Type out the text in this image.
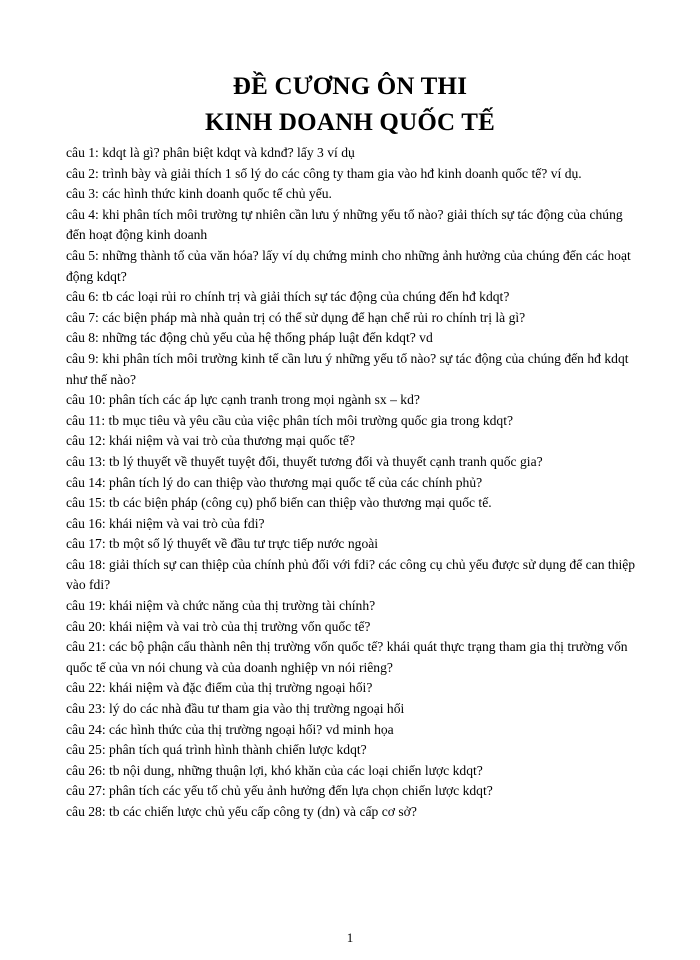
ĐỀ CƯƠNG ÔN THI
KINH DOANH QUỐC TẾ
câu 1: kdqt là gì? phân biệt kdqt và kdnđ? lấy 3 ví dụ
câu 2: trình bày và giải thích 1 số lý do các công ty tham gia vào hđ kinh doanh quốc tế? ví dụ.
câu 3: các hình thức kinh doanh quốc tế chủ yếu.
câu 4: khi phân tích môi trường tự nhiên cần lưu ý những yếu tố nào? giải thích sự tác động của chúng đến hoạt động kinh doanh
câu 5: những thành tố của văn hóa? lấy ví dụ chứng minh cho những ảnh hưởng của chúng đến các hoạt động kdqt?
câu 6: tb các loại rủi ro chính trị và giải thích sự tác động của chúng đến hđ kdqt?
câu 7: các biện pháp mà nhà quản trị có thể sử dụng để hạn chế rủi ro chính trị là gì?
câu 8: những tác động chủ yếu của hệ thống pháp luật đến kdqt? vd
câu 9: khi phân tích môi trường kinh tế cần lưu ý những yếu tố nào? sự tác động của chúng đến hđ kdqt như thế nào?
câu 10: phân tích các áp lực cạnh tranh trong mọi ngành sx – kd?
câu 11: tb mục tiêu và yêu cầu của việc phân tích môi trường quốc gia trong kdqt?
câu 12: khái niệm và vai trò của thương mại quốc tế?
câu 13: tb lý thuyết về thuyết tuyệt đối, thuyết tương đối và thuyết cạnh tranh quốc gia?
câu 14: phân tích lý do can thiệp vào thương mại quốc tế của các chính phủ?
câu 15: tb các biện pháp (công cụ) phổ biến can thiệp vào thương mại quốc tế.
câu 16: khái niệm và vai trò của fdi?
câu 17: tb một số lý thuyết về đầu tư trực tiếp nước ngoài
câu 18: giải thích sự can thiệp của chính phủ đối với fdi? các công cụ chủ yếu được sử dụng để can thiệp vào fdi?
câu 19: khái niệm và chức năng của thị trường tài chính?
câu 20: khái niệm và vai trò của thị trường vốn quốc tế?
câu 21: các bộ phận cấu thành nên thị trường vốn quốc tế? khái quát thực trạng tham gia thị trường vốn quốc tế của vn nói chung và của doanh nghiệp vn nói riêng?
câu 22: khái niệm và đặc điểm của thị trường ngoại hối?
câu 23: lý do các nhà đầu tư tham gia vào thị trường ngoại hối
câu 24: các hình thức của thị trường ngoại hối? vd minh họa
câu 25: phân tích quá trình hình thành chiến lược kdqt?
câu 26: tb nội dung, những thuận lợi, khó khăn của các loại chiến lược kdqt?
câu 27: phân tích các yếu tố chủ yếu ảnh hưởng đến lựa chọn chiến lược kdqt?
câu 28: tb các chiến lược chủ yếu cấp công ty (dn) và cấp cơ sở?
1
